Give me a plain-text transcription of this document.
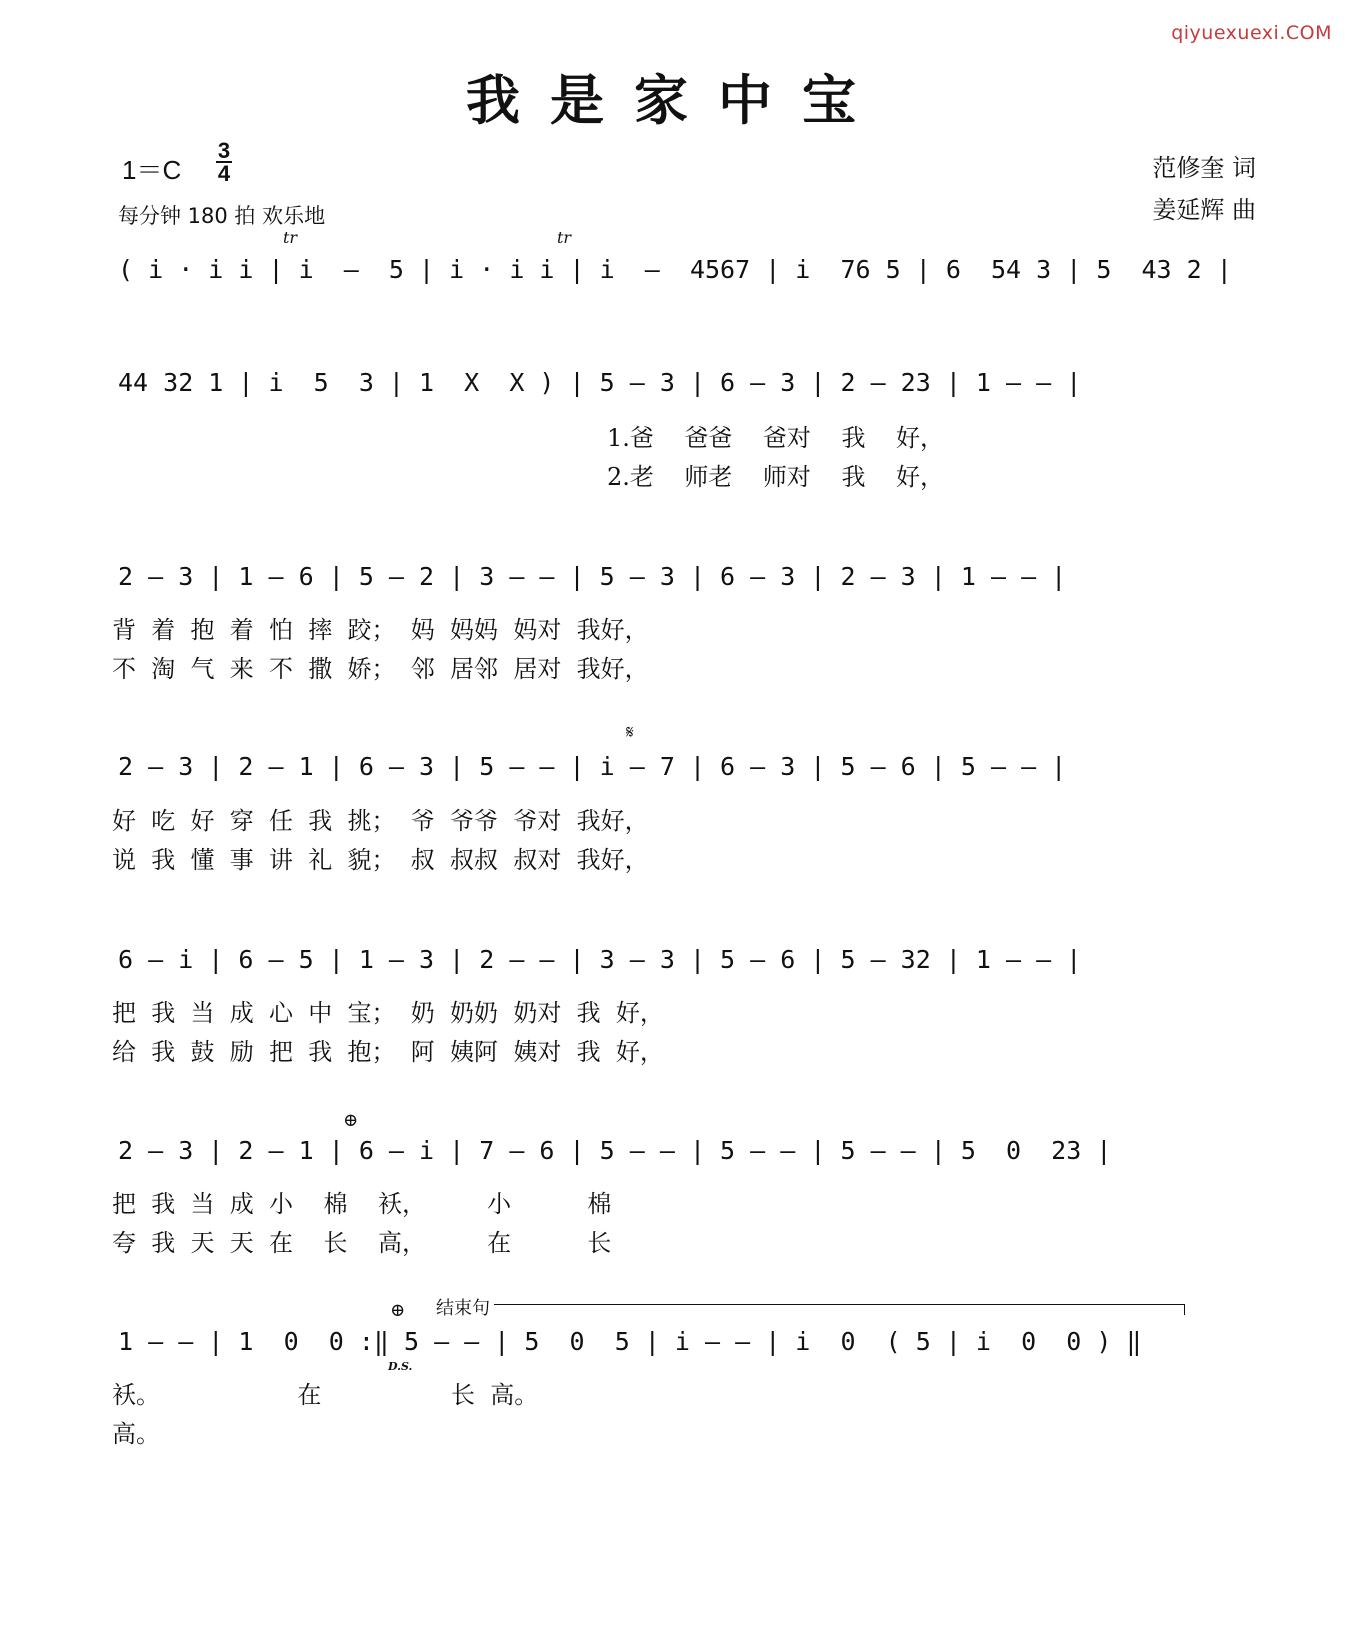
qiyuexuexi.COM
我是家中宝
1＝C
3
4
每分钟 180 拍 欢乐地
范修奎 词
姜延辉 曲
( i · i i | i  —  5 | i · i i | i  —  4567 | i  76 5 | 6  54 3 | 5  43 2 |
tr	tr
44 32 1 | i  5  3 | 1  X  X ) | 5 — 3 | 6 — 3 | 2 — 23 | 1 — — |
1.爸    爸爸    爸对    我    好，
2.老    师老    师对    我    好，
2 — 3 | 1 — 6 | 5 — 2 | 3 — — | 5 — 3 | 6 — 3 | 2 — 3 | 1 — — |
背  着  抱  着  怕  摔  跤；  妈  妈妈  妈对  我好，
不  淘  气  来  不  撒  娇；  邻  居邻  居对  我好，
𝄋
2 — 3 | 2 — 1 | 6 — 3 | 5 — — | i — 7 | 6 — 3 | 5 — 6 | 5 — — |
好  吃  好  穿  任  我  挑；  爷  爷爷  爷对  我好，
说  我  懂  事  讲  礼  貌；  叔  叔叔  叔对  我好，
6 — i | 6 — 5 | 1 — 3 | 2 — — | 3 — 3 | 5 — 6 | 5 — 32 | 1 — — |
把  我  当  成  心  中  宝；  奶  奶奶  奶对  我  好，
给  我  鼓  励  把  我  抱；  阿  姨阿  姨对  我  好，
⊕
2 — 3 | 2 — 1 | 6 — i | 7 — 6 | 5 — — | 5 — — | 5 — — | 5  0  23 |
把  我  当  成  小    棉    袄，        小          棉
夸  我  天  天  在    长    高，        在          长
⊕ 结束句
1 — — | 1  0  0 :‖ 5 — — | 5  0  5 | i — — | i  0  ( 5 | i  0  0 ) ‖
D.S.
袄。                  在                 长  高。
高。
